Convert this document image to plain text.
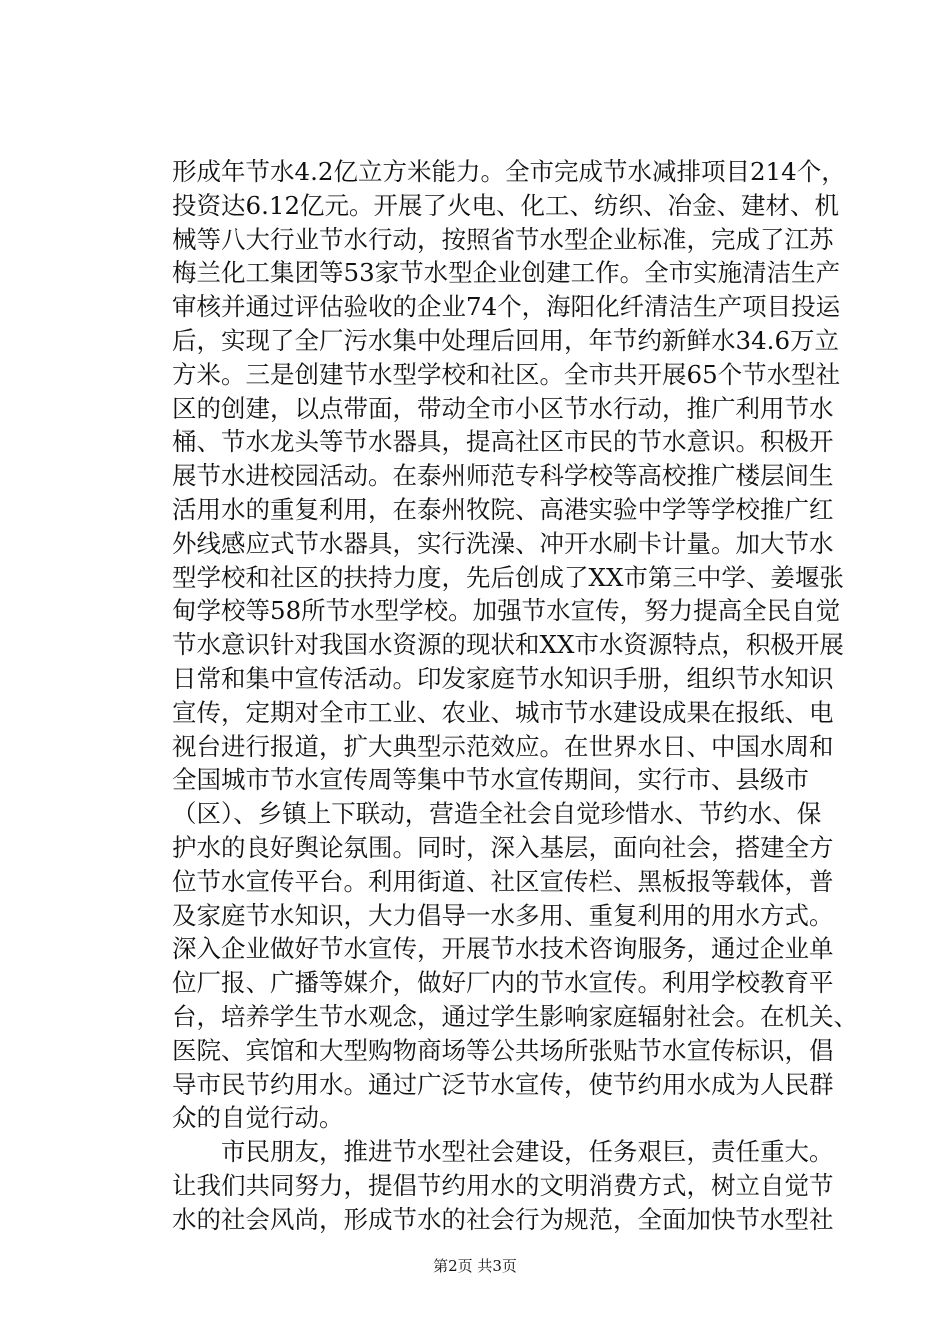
形成年节水4.2亿立方米能力。全市完成节水减排项目214个，
投资达6.12亿元。开展了火电、化工、纺织、冶金、建材、机
械等八大行业节水行动，按照省节水型企业标准，完成了江苏
梅兰化工集团等53家节水型企业创建工作。全市实施清洁生产
审核并通过评估验收的企业74个，海阳化纤清洁生产项目投运
后，实现了全厂污水集中处理后回用，年节约新鲜水34.6万立
方米。三是创建节水型学校和社区。全市共开展65个节水型社
区的创建，以点带面，带动全市小区节水行动，推广利用节水
桶、节水龙头等节水器具，提高社区市民的节水意识。积极开
展节水进校园活动。在泰州师范专科学校等高校推广楼层间生
活用水的重复利用，在泰州牧院、高港实验中学等学校推广红
外线感应式节水器具，实行洗澡、冲开水刷卡计量。加大节水
型学校和社区的扶持力度，先后创成了XX市第三中学、姜堰张
甸学校等58所节水型学校。加强节水宣传，努力提高全民自觉
节水意识针对我国水资源的现状和XX市水资源特点，积极开展
日常和集中宣传活动。印发家庭节水知识手册，组织节水知识
宣传，定期对全市工业、农业、城市节水建设成果在报纸、电
视台进行报道，扩大典型示范效应。在世界水日、中国水周和
全国城市节水宣传周等集中节水宣传期间，实行市、县级市
（区）、乡镇上下联动，营造全社会自觉珍惜水、节约水、保
护水的良好舆论氛围。同时，深入基层，面向社会，搭建全方
位节水宣传平台。利用街道、社区宣传栏、黑板报等载体，普
及家庭节水知识，大力倡导一水多用、重复利用的用水方式。
深入企业做好节水宣传，开展节水技术咨询服务，通过企业单
位厂报、广播等媒介，做好厂内的节水宣传。利用学校教育平
台，培养学生节水观念，通过学生影响家庭辐射社会。在机关、
医院、宾馆和大型购物商场等公共场所张贴节水宣传标识，倡
导市民节约用水。通过广泛节水宣传，使节约用水成为人民群
众的自觉行动。
　　市民朋友，推进节水型社会建设，任务艰巨，责任重大。
让我们共同努力，提倡节约用水的文明消费方式，树立自觉节
水的社会风尚，形成节水的社会行为规范，全面加快节水型社
第2页 共3页
